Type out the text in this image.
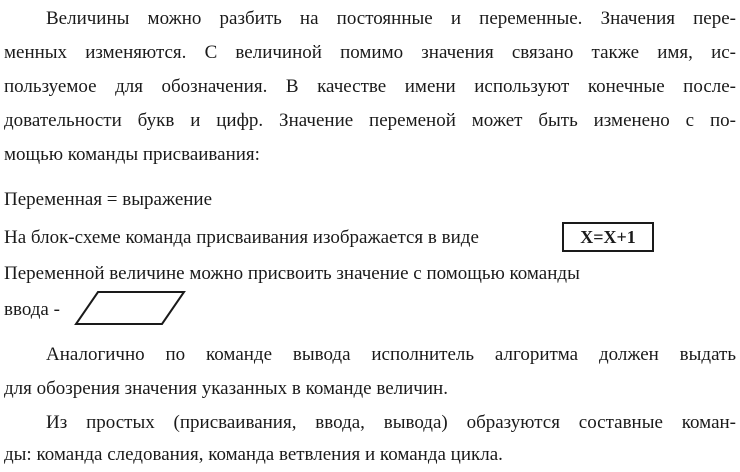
Величины можно разбить на постоянные и переменные. Значения пере-
менных изменяются. С величиной помимо значения связано также имя, ис-
пользуемое для обозначения. В качестве имени используют конечные после-
довательности букв и цифр. Значение переменой может быть изменено с по-
мощью команды присваивания:
Переменная = выражение
На блок-схеме команда присваивания изображается в виде	X=X+1
Переменной величине можно присвоить значение с помощью команды
ввода -
Аналогично по команде вывода исполнитель алгоритма должен выдать
для обозрения значения указанных в команде величин.
Из простых (присваивания, ввода, вывода) образуются составные коман-
ды: команда следования, команда ветвления и команда цикла.
